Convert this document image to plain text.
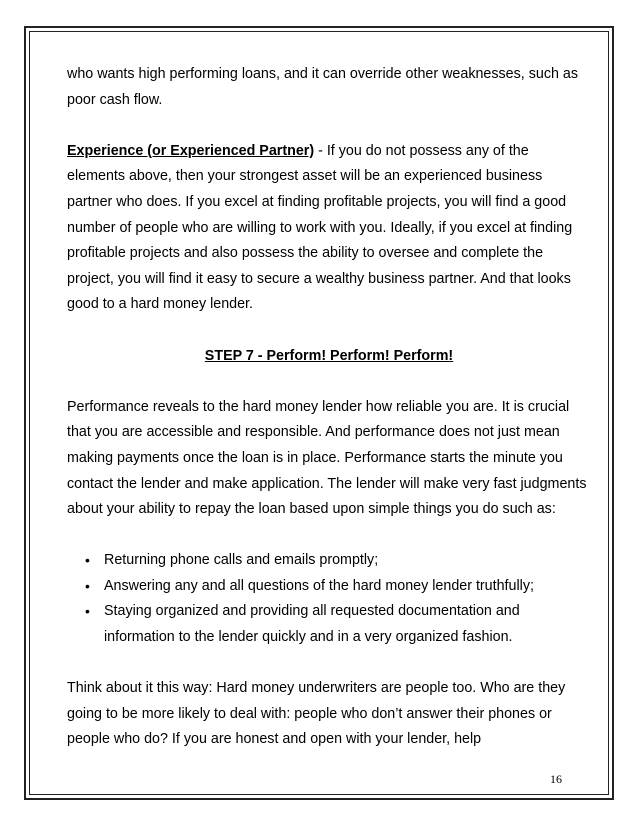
who wants high performing loans, and it can override other weaknesses, such as poor cash flow.

Experience (or Experienced Partner) - If you do not possess any of the elements above, then your strongest asset will be an experienced business partner who does. If you excel at finding profitable projects, you will find a good number of people who are willing to work with you. Ideally, if you excel at finding profitable projects and also possess the ability to oversee and complete the project, you will find it easy to secure a wealthy business partner. And that looks good to a hard money lender.

STEP 7 - Perform! Perform! Perform!

Performance reveals to the hard money lender how reliable you are. It is crucial that you are accessible and responsible. And performance does not just mean making payments once the loan is in place. Performance starts the minute you contact the lender and make application. The lender will make very fast judgments about your ability to repay the loan based upon simple things you do such as:

• Returning phone calls and emails promptly;
• Answering any and all questions of the hard money lender truthfully;
• Staying organized and providing all requested documentation and information to the lender quickly and in a very organized fashion.

Think about it this way: Hard money underwriters are people too. Who are they going to be more likely to deal with: people who don’t answer their phones or people who do? If you are honest and open with your lender, help

16
